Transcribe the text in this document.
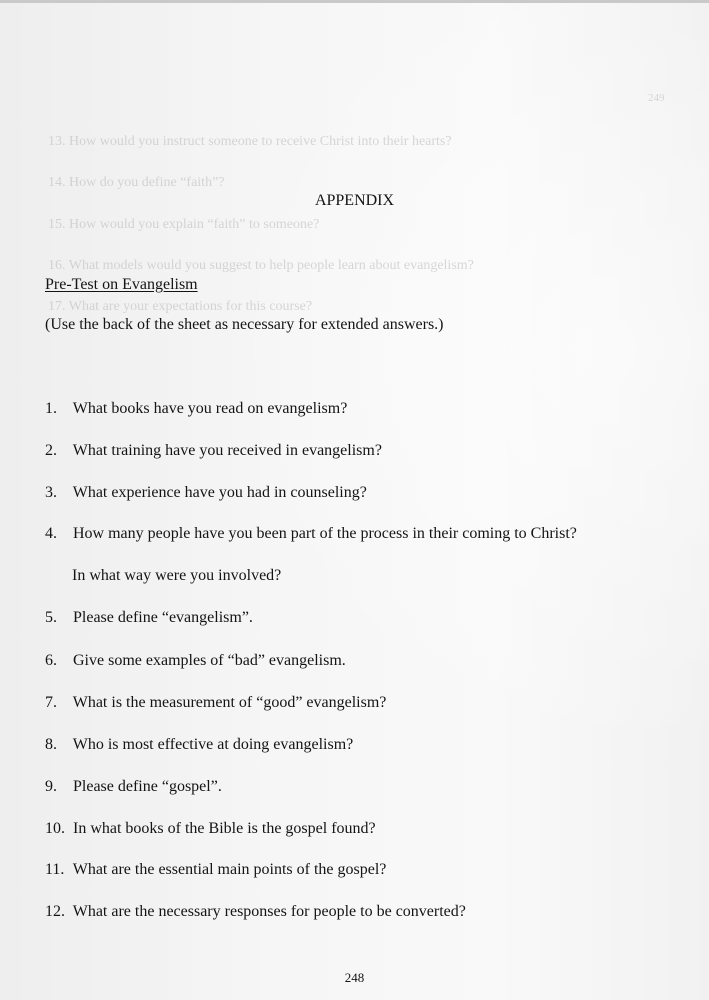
249
13. How would you instruct someone to receive Christ into their hearts?
14. How do you define “faith”?
15. How would you explain “faith” to someone?
16. What models would you suggest to help people learn about evangelism?
17. What are your expectations for this course?
APPENDIX
Pre-Test on Evangelism
(Use the back of the sheet as necessary for extended answers.)
1. What books have you read on evangelism?
2. What training have you received in evangelism?
3. What experience have you had in counseling?
4. How many people have you been part of the process in their coming to Christ?
In what way were you involved?
5. Please define “evangelism”.
6. Give some examples of “bad” evangelism.
7. What is the measurement of “good” evangelism?
8. Who is most effective at doing evangelism?
9. Please define “gospel”.
10. In what books of the Bible is the gospel found?
11. What are the essential main points of the gospel?
12. What are the necessary responses for people to be converted?
248
